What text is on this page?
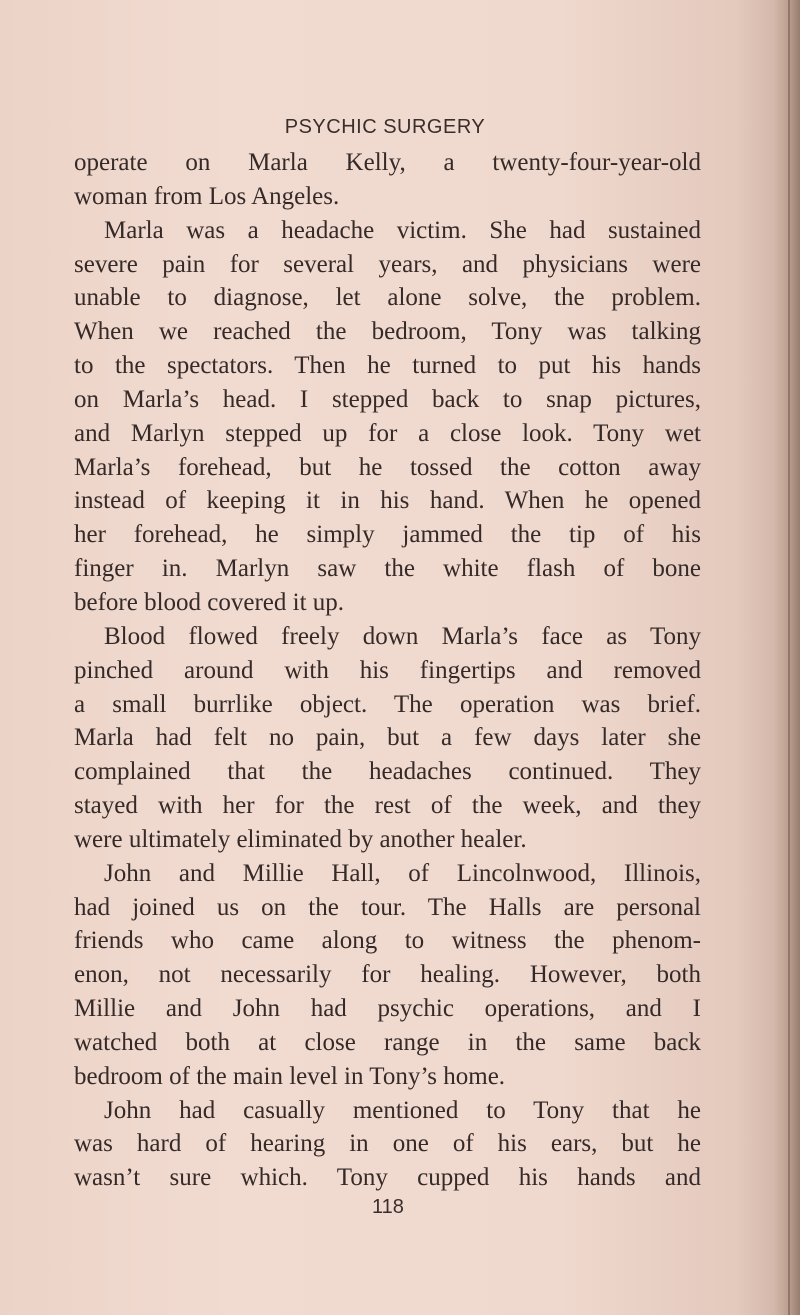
PSYCHIC SURGERY
operate on Marla Kelly, a twenty-four-year-old
woman from Los Angeles.
Marla was a headache victim. She had sustained
severe pain for several years, and physicians were
unable to diagnose, let alone solve, the problem.
When we reached the bedroom, Tony was talking
to the spectators. Then he turned to put his hands
on Marla’s head. I stepped back to snap pictures,
and Marlyn stepped up for a close look. Tony wet
Marla’s forehead, but he tossed the cotton away
instead of keeping it in his hand. When he opened
her forehead, he simply jammed the tip of his
finger in. Marlyn saw the white flash of bone
before blood covered it up.
Blood flowed freely down Marla’s face as Tony
pinched around with his fingertips and removed
a small burrlike object. The operation was brief.
Marla had felt no pain, but a few days later she
complained that the headaches continued. They
stayed with her for the rest of the week, and they
were ultimately eliminated by another healer.
John and Millie Hall, of Lincolnwood, Illinois,
had joined us on the tour. The Halls are personal
friends who came along to witness the phenom-
enon, not necessarily for healing. However, both
Millie and John had psychic operations, and I
watched both at close range in the same back
bedroom of the main level in Tony’s home.
John had casually mentioned to Tony that he
was hard of hearing in one of his ears, but he
wasn’t sure which. Tony cupped his hands and
118
